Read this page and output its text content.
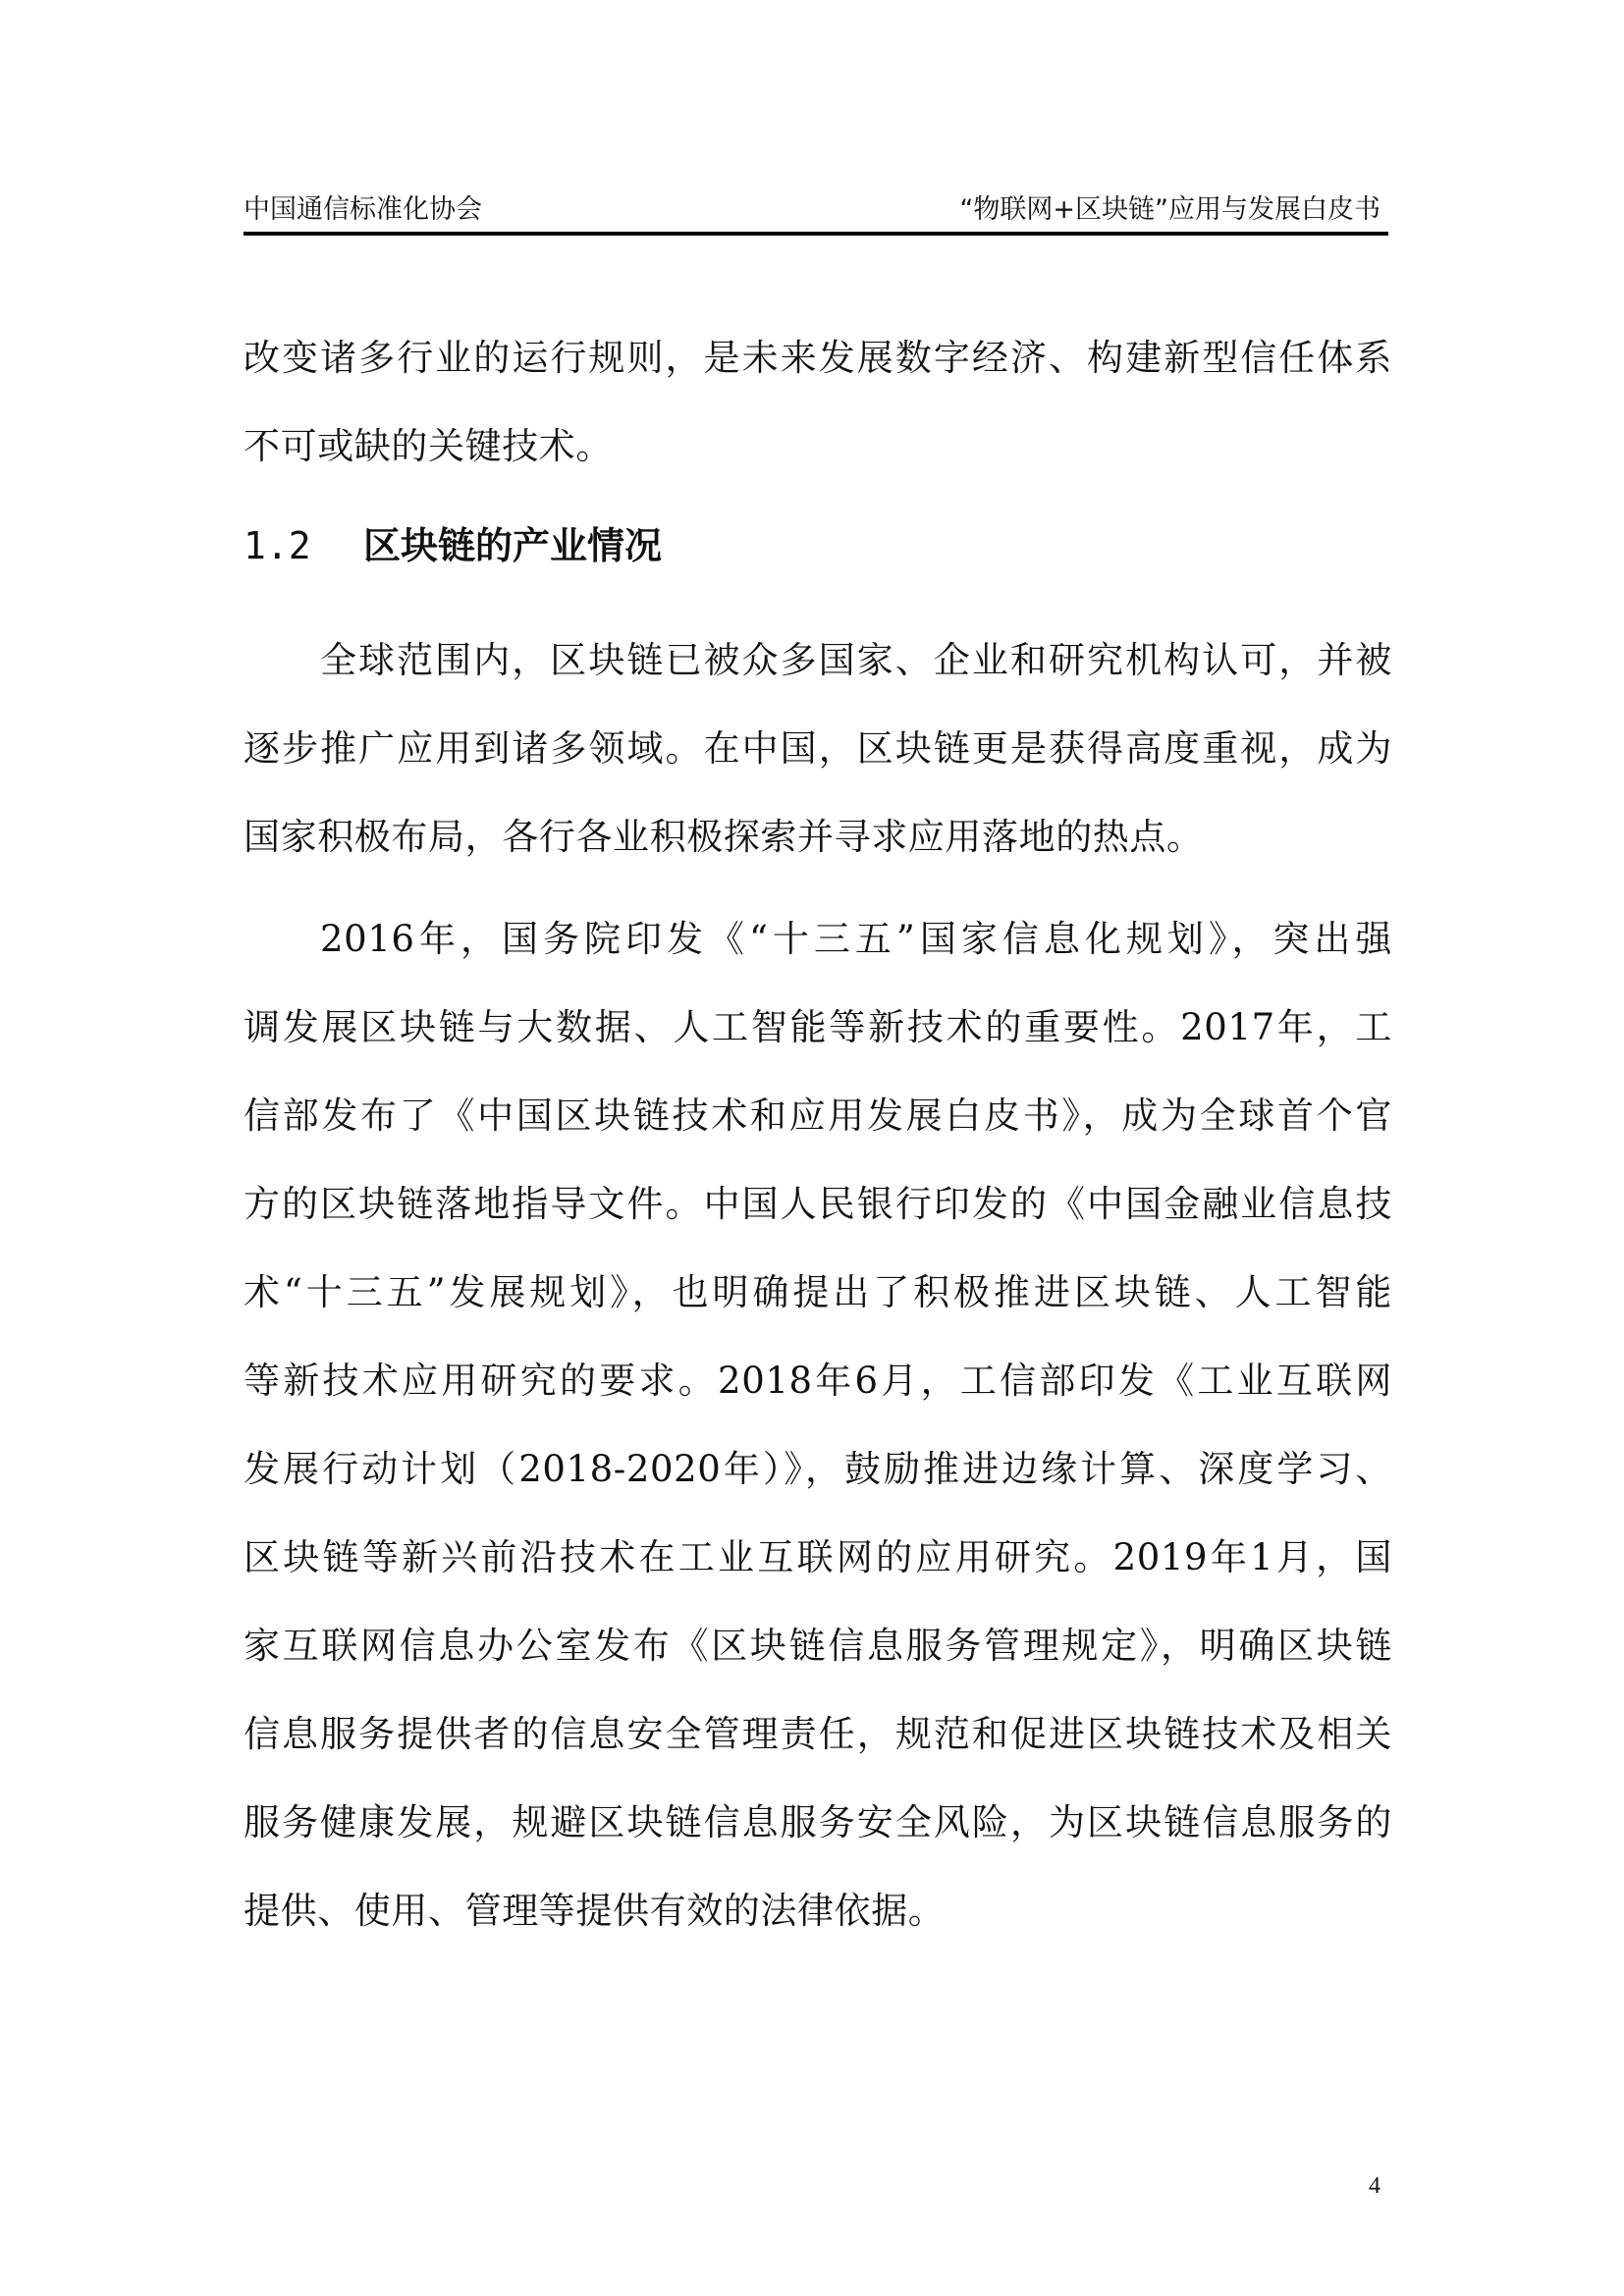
中国通信标准化协会	“物联网+区块链”应用与发展白皮书
改变诸多行业的运行规则，是未来发展数字经济、构建新型信任体系
不可或缺的关键技术。
1.2 区块链的产业情况
全球范围内，区块链已被众多国家、企业和研究机构认可，并被
逐步推广应用到诸多领域。在中国，区块链更是获得高度重视，成为
国家积极布局，各行各业积极探索并寻求应用落地的热点。
2016年，国务院印发《“十三五”国家信息化规划》，突出强
调发展区块链与大数据、人工智能等新技术的重要性。2017年，工
信部发布了《中国区块链技术和应用发展白皮书》，成为全球首个官
方的区块链落地指导文件。中国人民银行印发的《中国金融业信息技
术“十三五”发展规划》，也明确提出了积极推进区块链、人工智能
等新技术应用研究的要求。2018年6月，工信部印发《工业互联网
发展行动计划（2018-2020年）》，鼓励推进边缘计算、深度学习、
区块链等新兴前沿技术在工业互联网的应用研究。2019年1月，国
家互联网信息办公室发布《区块链信息服务管理规定》，明确区块链
信息服务提供者的信息安全管理责任，规范和促进区块链技术及相关
服务健康发展，规避区块链信息服务安全风险，为区块链信息服务的
提供、使用、管理等提供有效的法律依据。
4
